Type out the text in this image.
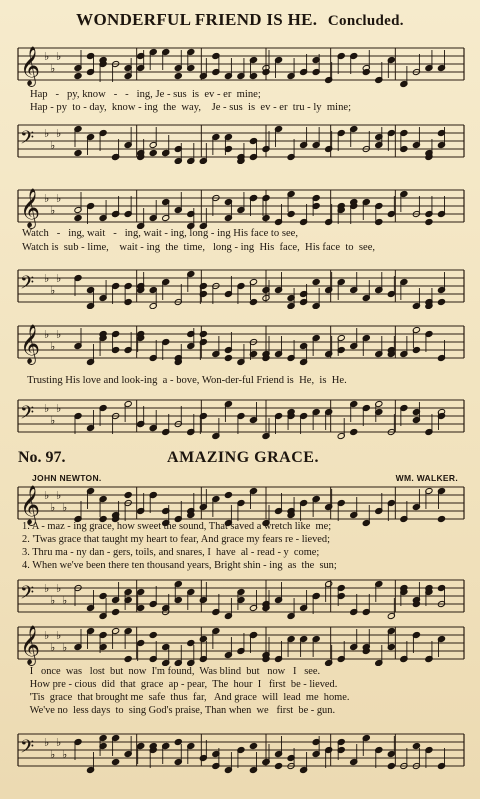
WONDERFUL FRIEND IS HE. Concluded.
𝄞 ♭
♭
♭
Hap   -   py, know   -   -   ing, Je - sus  is  ev - er  mine;
Hap - py  to - day,  know - ing  the  way,    Je - sus  is  ev - er  tru - ly  mine;
𝄢 ♭
♭
♭
𝄞 ♭
♭
♭
Watch   -   ing, wait   -   ing, wait - ing, long - ing His face to see,
Watch is  sub - lime,    wait - ing  the  time,   long - ing  His  face,  His face  to  see,
𝄢 ♭
♭
♭
𝄞 ♭
♭
♭
Trusting His love and look-ing  a - bove, Won-der-ful Friend is  He,  is  He.
𝄢 ♭
♭
♭
AMAZING GRACE.
No. 97.
JOHN NEWTON.	WM. WALKER.
𝄞 ♭
♭
♭
♭
1. A - maz - ing grace, how sweet the sound, That saved a wretch like  me;
2. 'Twas grace that taught my heart to fear, And grace my fears re - lieved;
3. Thru ma - ny dan - gers, toils, and snares, I  have  al - read - y  come;
4. When we've been there ten thousand years, Bright shin - ing  as  the  sun;
𝄢 ♭
♭
♭
♭
𝄞 ♭
♭
♭
♭
I   once  was   lost  but  now  I'm found,  Was blind  but   now   I   see.
How pre - cious  did  that  grace  ap - pear,  The  hour  I   first  be - lieved.
'Tis  grace  that brought me  safe  thus  far,   And grace  will  lead  me  home.
We've no  less days  to  sing God's praise, Than when  we   first  be - gun.
𝄢 ♭
♭
♭
♭
